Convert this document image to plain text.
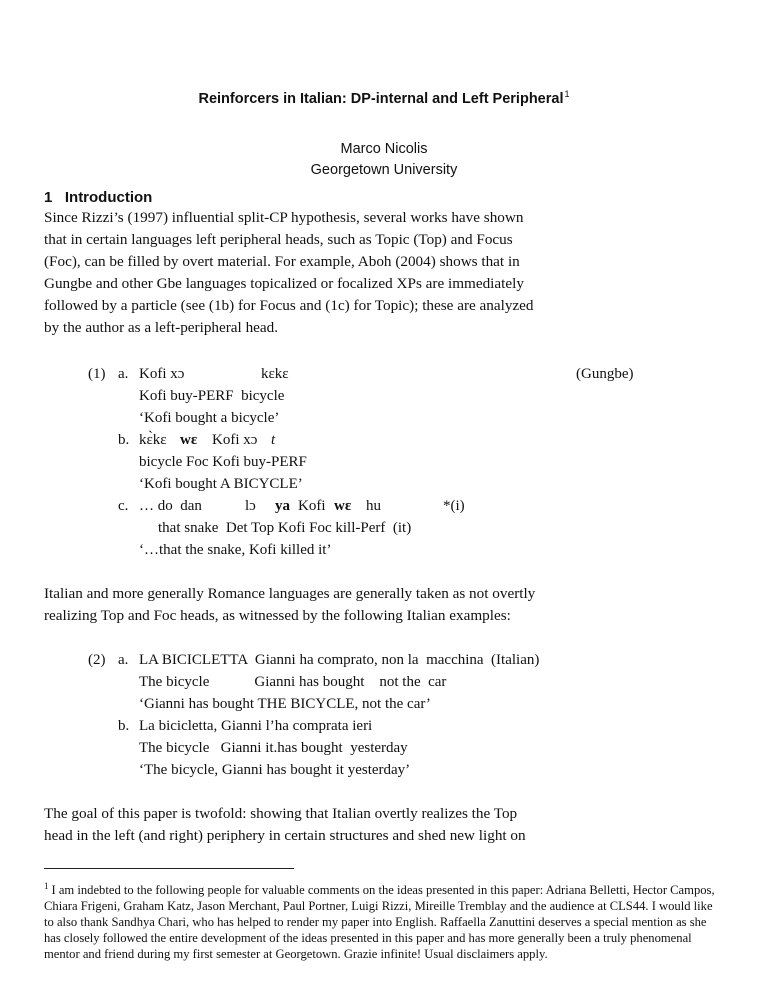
Reinforcers in Italian: DP-internal and Left Peripheral$^1$
Marco Nicolis
Georgetown University
1 Introduction
Since Rizzi’s (1997) influential split-CP hypothesis, several works have shown
that in certain languages left peripheral heads, such as Topic (Top) and Focus
(Foc), can be filled by overt material. For example, Aboh (2004) shows that in
Gungbe and other Gbe languages topicalized or focalized XPs are immediately
followed by a particle (see (1b) for Focus and (1c) for Topic); these are analyzed
by the author as a left-peripheral head.
(1) a. Kofi xɔ	kɛkɛ	(Gungbe)
Kofi buy-PERF  bicycle
‘Kofi bought a bicycle’
b. kɛ̀kɛ wɛ Kofi xɔ t
bicycle Foc Kofi buy-PERF
‘Kofi bought A BICYCLE’
c. … do  dan	lɔ ya Kofi wɛ hu	*(i)
that snake  Det Top Kofi Foc kill-Perf  (it)
‘…that the snake, Kofi killed it’
Italian and more generally Romance languages are generally taken as not overtly
realizing Top and Foc heads, as witnessed by the following Italian examples:
(2) a. LA BICICLETTA  Gianni ha comprato, non la  macchina  (Italian)
The bicycle            Gianni has bought    not the  car
‘Gianni has bought THE BICYCLE, not the car’
b. La bicicletta, Gianni l’ha comprata ieri
The bicycle   Gianni it.has bought  yesterday
‘The bicycle, Gianni has bought it yesterday’
The goal of this paper is twofold: showing that Italian overtly realizes the Top
head in the left (and right) periphery in certain structures and shed new light on
$^1$ I am indebted to the following people for valuable comments on the ideas presented in this paper: Adriana Belletti, Hector Campos, Chiara Frigeni, Graham Katz, Jason Merchant, Paul Portner, Luigi Rizzi, Mireille Tremblay and the audience at CLS44. I would like to also thank Sandhya Chari, who has helped to render my paper into English. Raffaella Zanuttini deserves a special mention as she has closely followed the entire development of the ideas presented in this paper and has more generally been a truly phenomenal mentor and friend during my first semester at Georgetown. Grazie infinite! Usual disclaimers apply.
